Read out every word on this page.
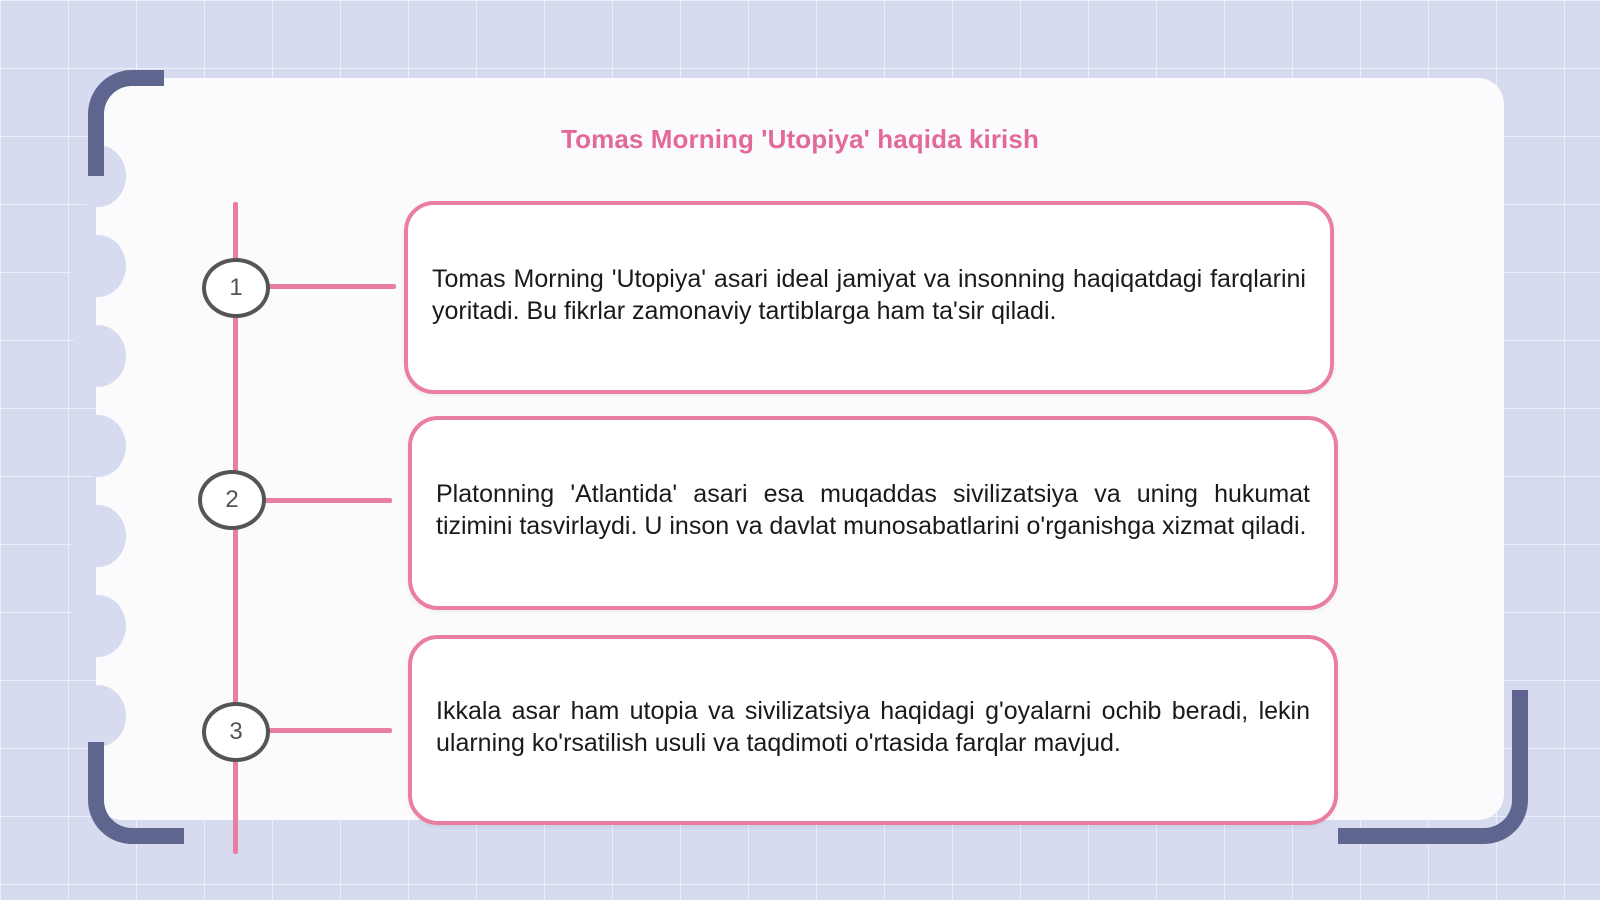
Tomas Morning 'Utopiya' haqida kirish
1	Tomas Morning 'Utopiya' asari ideal jamiyat va insonning haqiqatdagi farqlarini yoritadi. Bu fikrlar zamonaviy tartiblarga ham ta'sir qiladi.
2	Platonning 'Atlantida' asari esa muqaddas sivilizatsiya va uning hukumat tizimini tasvirlaydi. U inson va davlat munosabatlarini o'rganishga xizmat qiladi.
3
Ikkala asar ham utopia va sivilizatsiya haqidagi g'oyalarni ochib beradi, lekin ularning ko'rsatilish usuli va taqdimoti o'rtasida farqlar mavjud.
